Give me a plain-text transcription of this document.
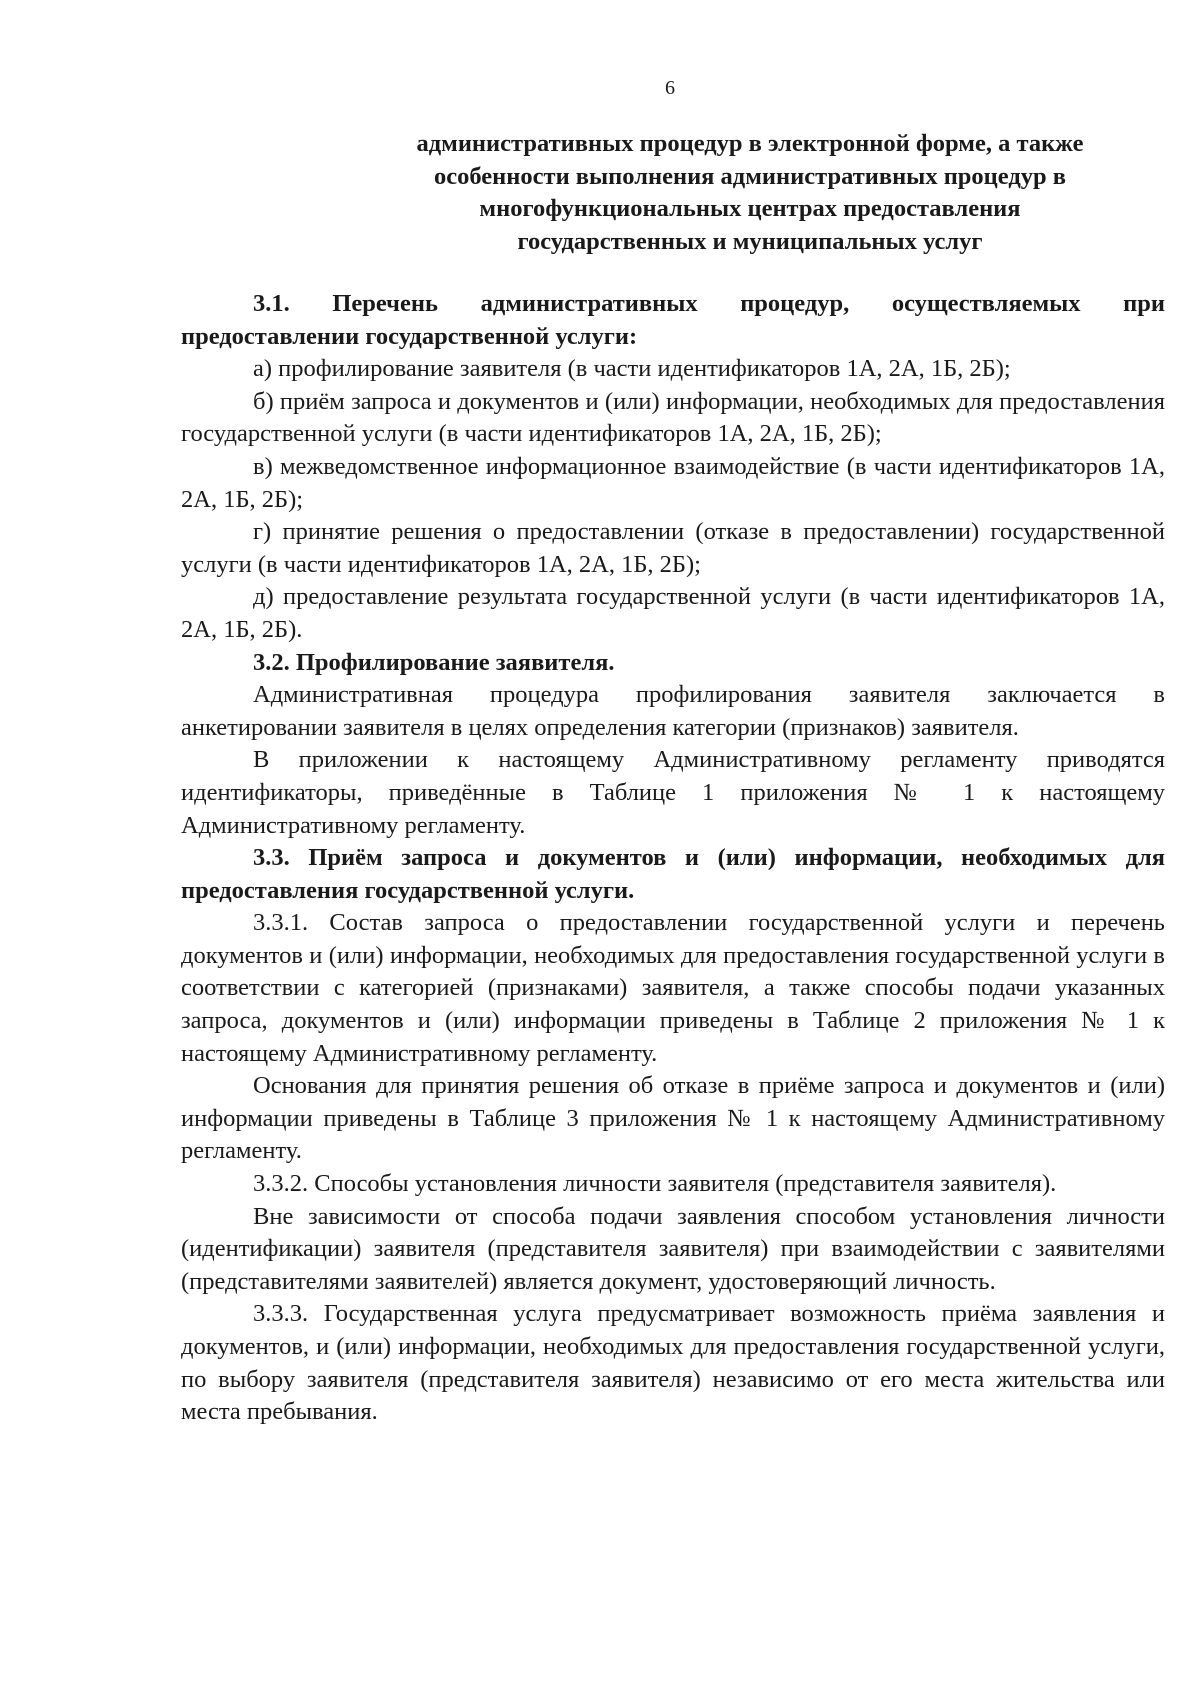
6
административных процедур в электронной форме, а также
особенности выполнения административных процедур в
многофункциональных центрах предоставления
государственных и муниципальных услуг

3.1. Перечень административных процедур, осуществляемых при предоставлении государственной услуги:

а) профилирование заявителя (в части идентификаторов 1А, 2А, 1Б, 2Б);

б) приём запроса и документов и (или) информации, необходимых для предоставления государственной услуги (в части идентификаторов 1А, 2А, 1Б, 2Б);

в) межведомственное информационное взаимодействие (в части идентификаторов 1А, 2А, 1Б, 2Б);

г) принятие решения о предоставлении (отказе в предоставлении) государственной услуги (в части идентификаторов 1А, 2А, 1Б, 2Б);

д) предоставление результата государственной услуги (в части идентификаторов 1А, 2А, 1Б, 2Б).

3.2. Профилирование заявителя.

Административная процедура профилирования заявителя заключается в анкетировании заявителя в целях определения категории (признаков) заявителя.

В приложении к настоящему Административному регламенту приводятся идентификаторы, приведённые в Таблице 1 приложения № 1 к настоящему Административному регламенту.

3.3. Приём запроса и документов и (или) информации, необходимых для предоставления государственной услуги.

3.3.1. Состав запроса о предоставлении государственной услуги и перечень документов и (или) информации, необходимых для предоставления государственной услуги в соответствии с категорией (признаками) заявителя, а также способы подачи указанных запроса, документов и (или) информации приведены в Таблице 2 приложения № 1 к настоящему Административному регламенту.

Основания для принятия решения об отказе в приёме запроса и документов и (или) информации приведены в Таблице 3 приложения № 1 к настоящему Административному регламенту.

3.3.2. Способы установления личности заявителя (представителя заявителя).

Вне зависимости от способа подачи заявления способом установления личности (идентификации) заявителя (представителя заявителя) при взаимодействии с заявителями (представителями заявителей) является документ, удостоверяющий личность.

3.3.3. Государственная услуга предусматривает возможность приёма заявления и документов, и (или) информации, необходимых для предоставления государственной услуги, по выбору заявителя (представителя заявителя) независимо от его места жительства или места пребывания.
